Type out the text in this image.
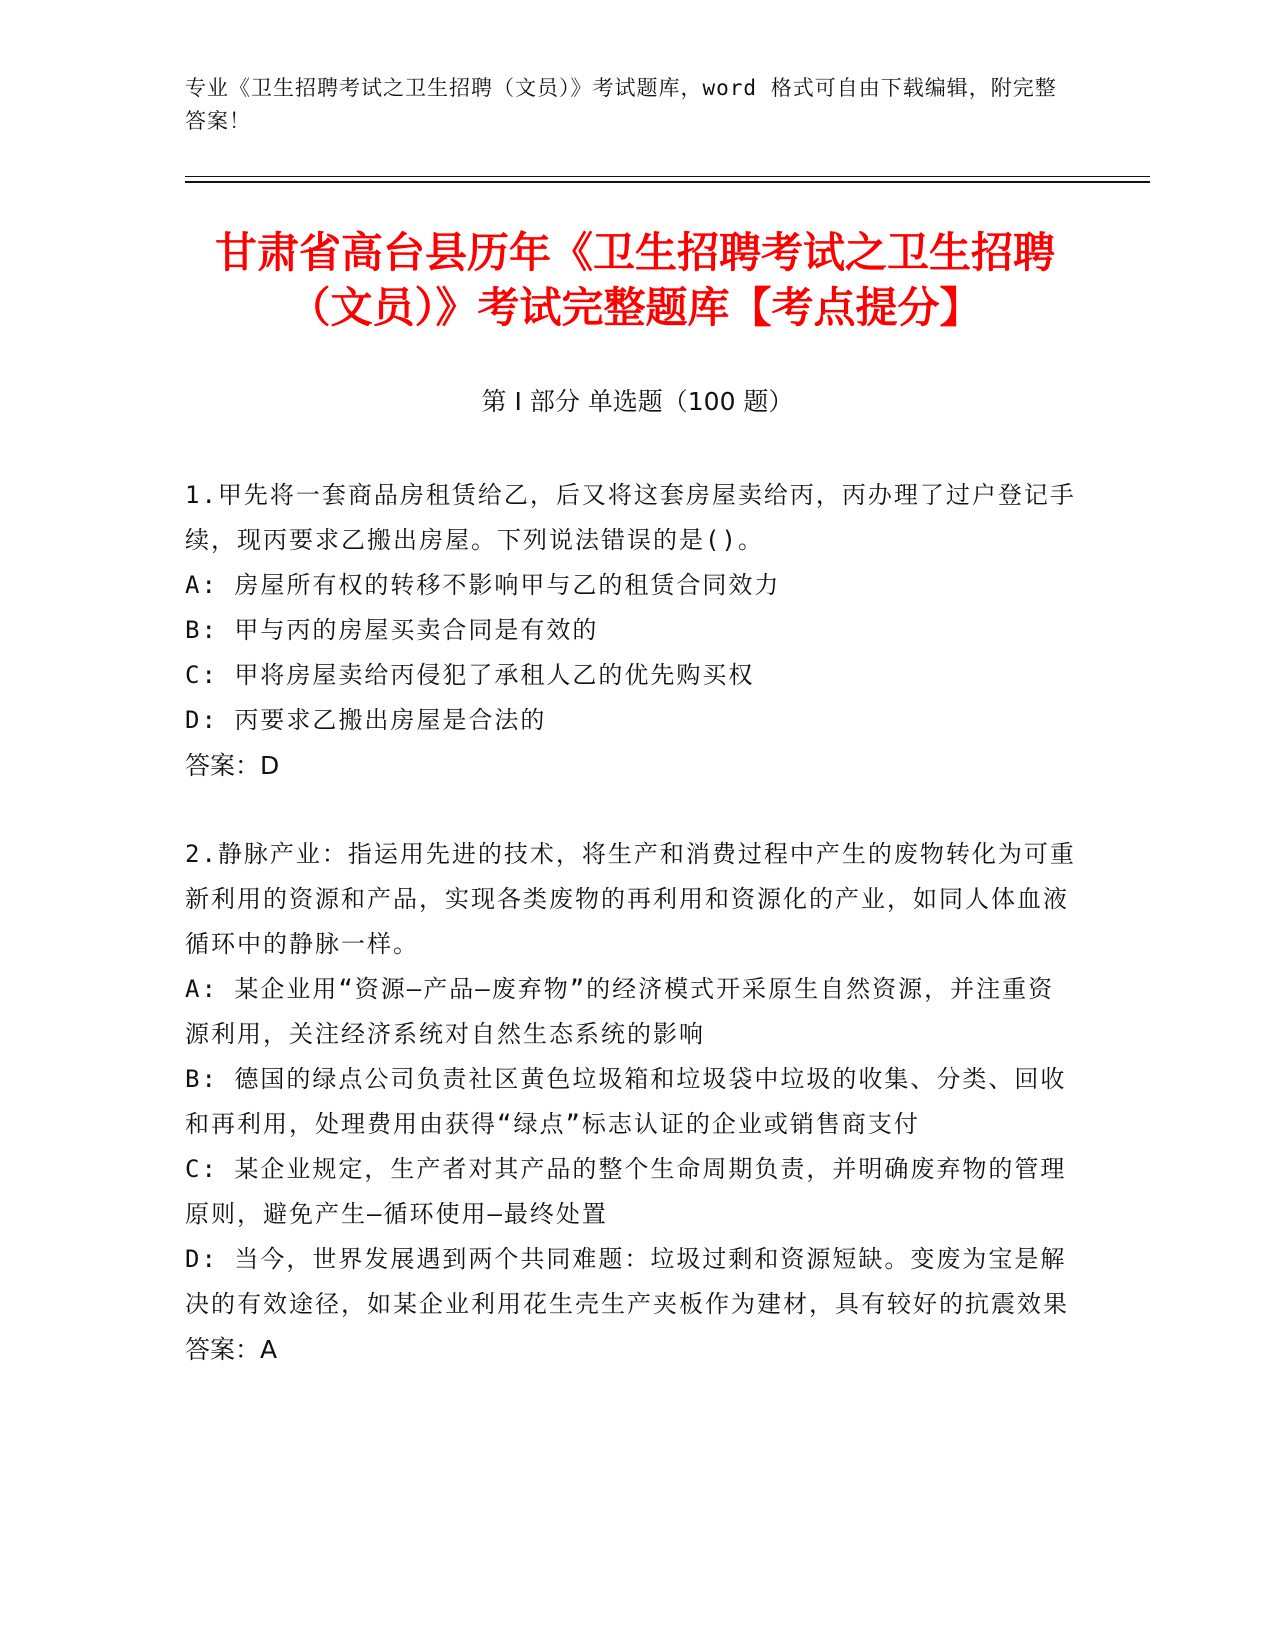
专业《卫生招聘考试之卫生招聘（文员）》考试题库，word 格式可自由下载编辑，附完整答案！
甘肃省高台县历年《卫生招聘考试之卫生招聘（文员）》考试完整题库【考点提分】
第 I 部分 单选题（100 题）

1.甲先将一套商品房租赁给乙，后又将这套房屋卖给丙，丙办理了过户登记手续，现丙要求乙搬出房屋。下列说法错误的是()。

A: 房屋所有权的转移不影响甲与乙的租赁合同效力

B: 甲与丙的房屋买卖合同是有效的

C: 甲将房屋卖给丙侵犯了承租人乙的优先购买权

D: 丙要求乙搬出房屋是合法的

答案：D

2.静脉产业：指运用先进的技术，将生产和消费过程中产生的废物转化为可重新利用的资源和产品，实现各类废物的再利用和资源化的产业，如同人体血液循环中的静脉一样。

A: 某企业用“资源—产品—废弃物”的经济模式开采原生自然资源，并注重资源利用，关注经济系统对自然生态系统的影响

B: 德国的绿点公司负责社区黄色垃圾箱和垃圾袋中垃圾的收集、分类、回收和再利用，处理费用由获得“绿点”标志认证的企业或销售商支付

C: 某企业规定，生产者对其产品的整个生命周期负责，并明确废弃物的管理原则，避免产生—循环使用—最终处置

D: 当今，世界发展遇到两个共同难题：垃圾过剩和资源短缺。变废为宝是解决的有效途径，如某企业利用花生壳生产夹板作为建材，具有较好的抗震效果

答案：A
